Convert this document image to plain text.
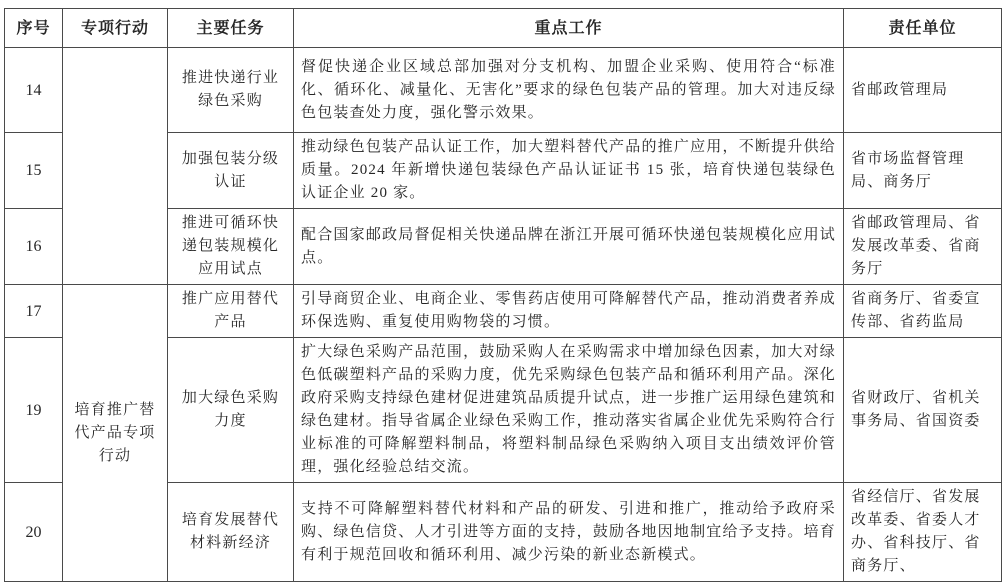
序号	专项行动	主要任务	重点工作	责任单位
14		推进快递行业绿色采购	督促快递企业区域总部加强对分支机构、加盟企业采购、使用符合“标准化、循环化、减量化、无害化”要求的绿色包装产品的管理。加大对违反绿色包装查处力度，强化警示效果。	省邮政管理局
15		加强包装分级认证	推动绿色包装产品认证工作，加大塑料替代产品的推广应用，不断提升供给质量。2024 年新增快递包装绿色产品认证证书 15 张，培育快递包装绿色认证企业 20 家。	省市场监督管理局、商务厅
16		推进可循环快递包装规模化应用试点	配合国家邮政局督促相关快递品牌在浙江开展可循环快递包装规模化应用试点。	省邮政管理局、省发展改革委、省商务厅
17	培育推广替代产品专项行动	推广应用替代产品	引导商贸企业、电商企业、零售药店使用可降解替代产品，推动消费者养成环保选购、重复使用购物袋的习惯。	省商务厅、省委宣传部、省药监局
19		加大绿色采购力度	扩大绿色采购产品范围，鼓励采购人在采购需求中增加绿色因素，加大对绿色低碳塑料产品的采购力度，优先采购绿色包装产品和循环利用产品。深化政府采购支持绿色建材促进建筑品质提升试点，进一步推广运用绿色建筑和绿色建材。指导省属企业绿色采购工作，推动落实省属企业优先采购符合行业标准的可降解塑料制品，将塑料制品绿色采购纳入项目支出绩效评价管理，强化经验总结交流。	省财政厅、省机关事务局、省国资委
20		培育发展替代材料新经济	支持不可降解塑料替代材料和产品的研发、引进和推广，推动给予政府采购、绿色信贷、人才引进等方面的支持，鼓励各地因地制宜给予支持。培育有利于规范回收和循环利用、减少污染的新业态新模式。	省经信厅、省发展改革委、省委人才办、省科技厅、省商务厅、
